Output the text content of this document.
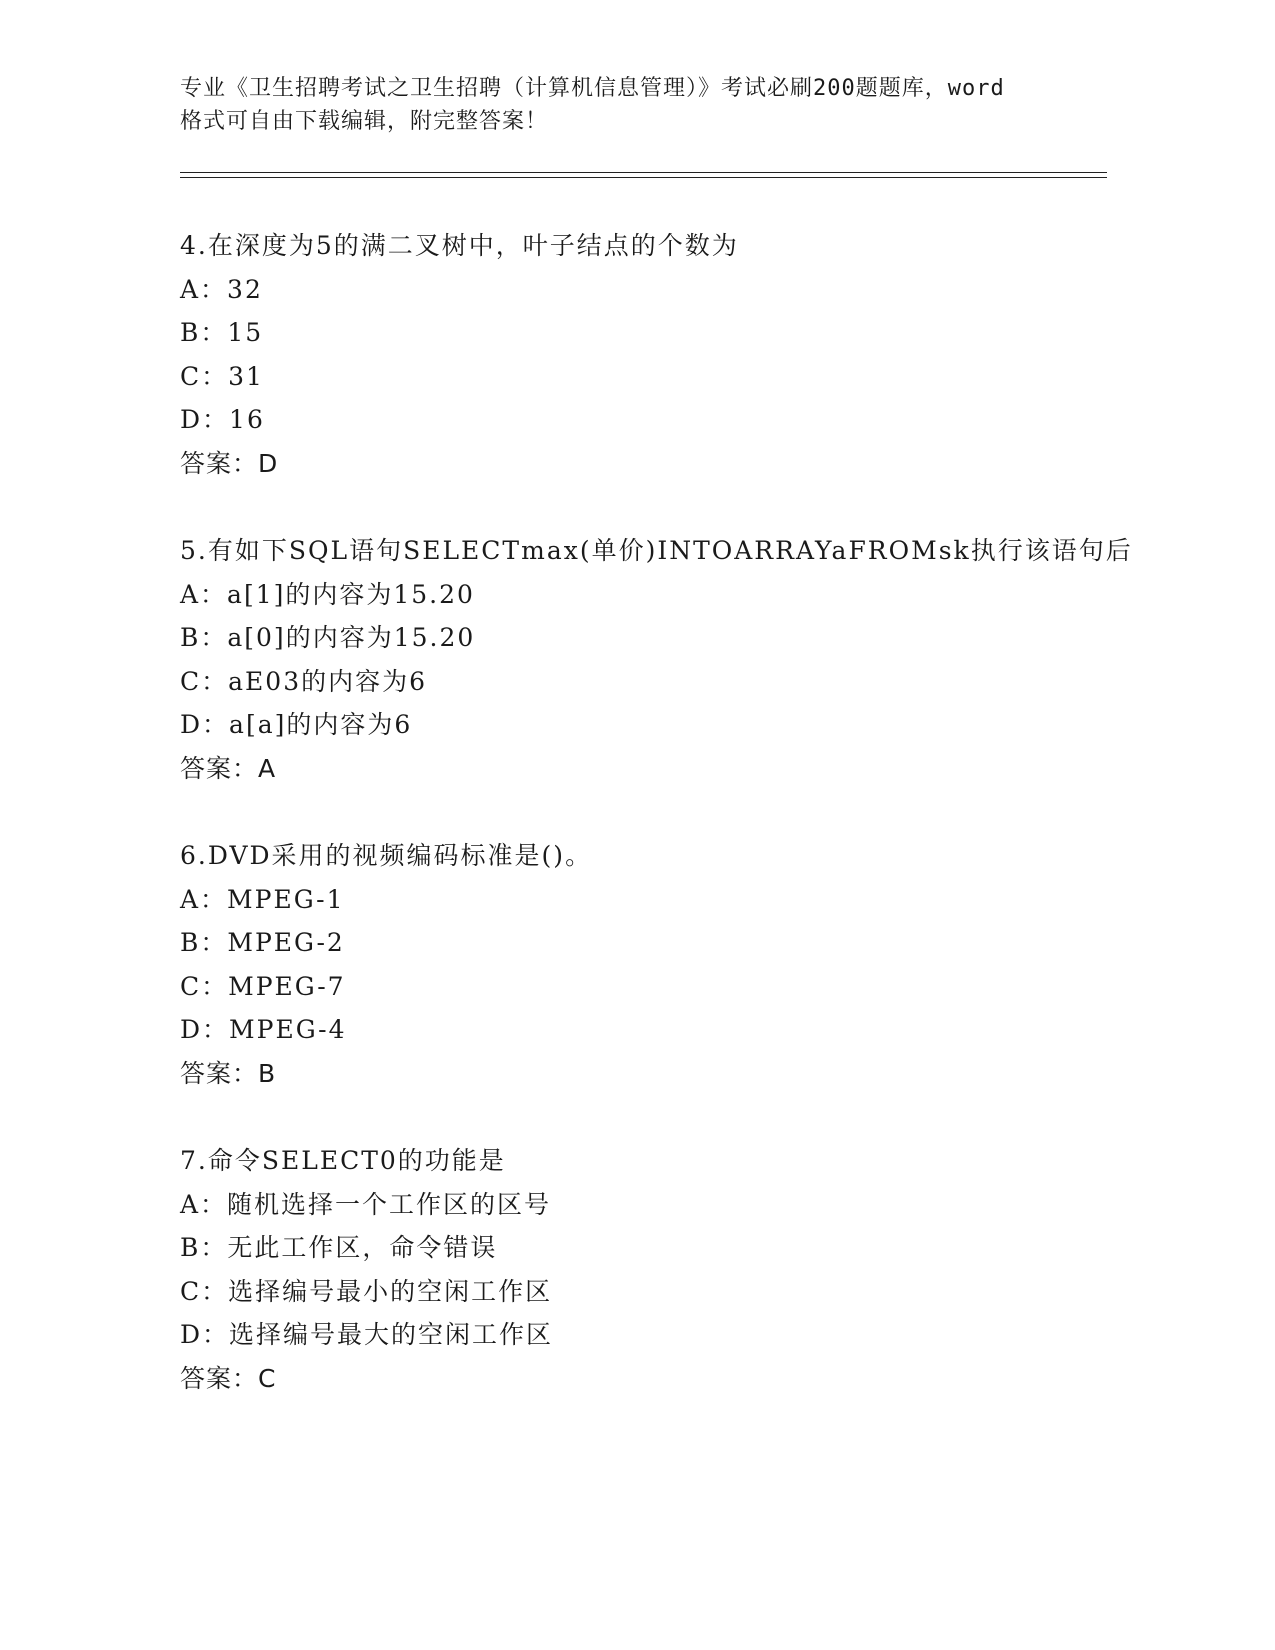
专业《卫生招聘考试之卫生招聘（计算机信息管理）》考试必刷200题题库，word
格式可自由下载编辑，附完整答案！
4.在深度为5的满二叉树中，叶子结点的个数为
A：32
B：15
C：31
D：16
答案：D
5.有如下SQL语句SELECTmax(单价)INTOARRAYaFROMsk执行该语句后
A：a[1]的内容为15.20
B：a[0]的内容为15.20
C：aE03的内容为6
D：a[a]的内容为6
答案：A
6.DVD采用的视频编码标准是()。
A：MPEG-1
B：MPEG-2
C：MPEG-7
D：MPEG-4
答案：B
7.命令SELECT0的功能是
A：随机选择一个工作区的区号
B：无此工作区，命令错误
C：选择编号最小的空闲工作区
D：选择编号最大的空闲工作区
答案：C
